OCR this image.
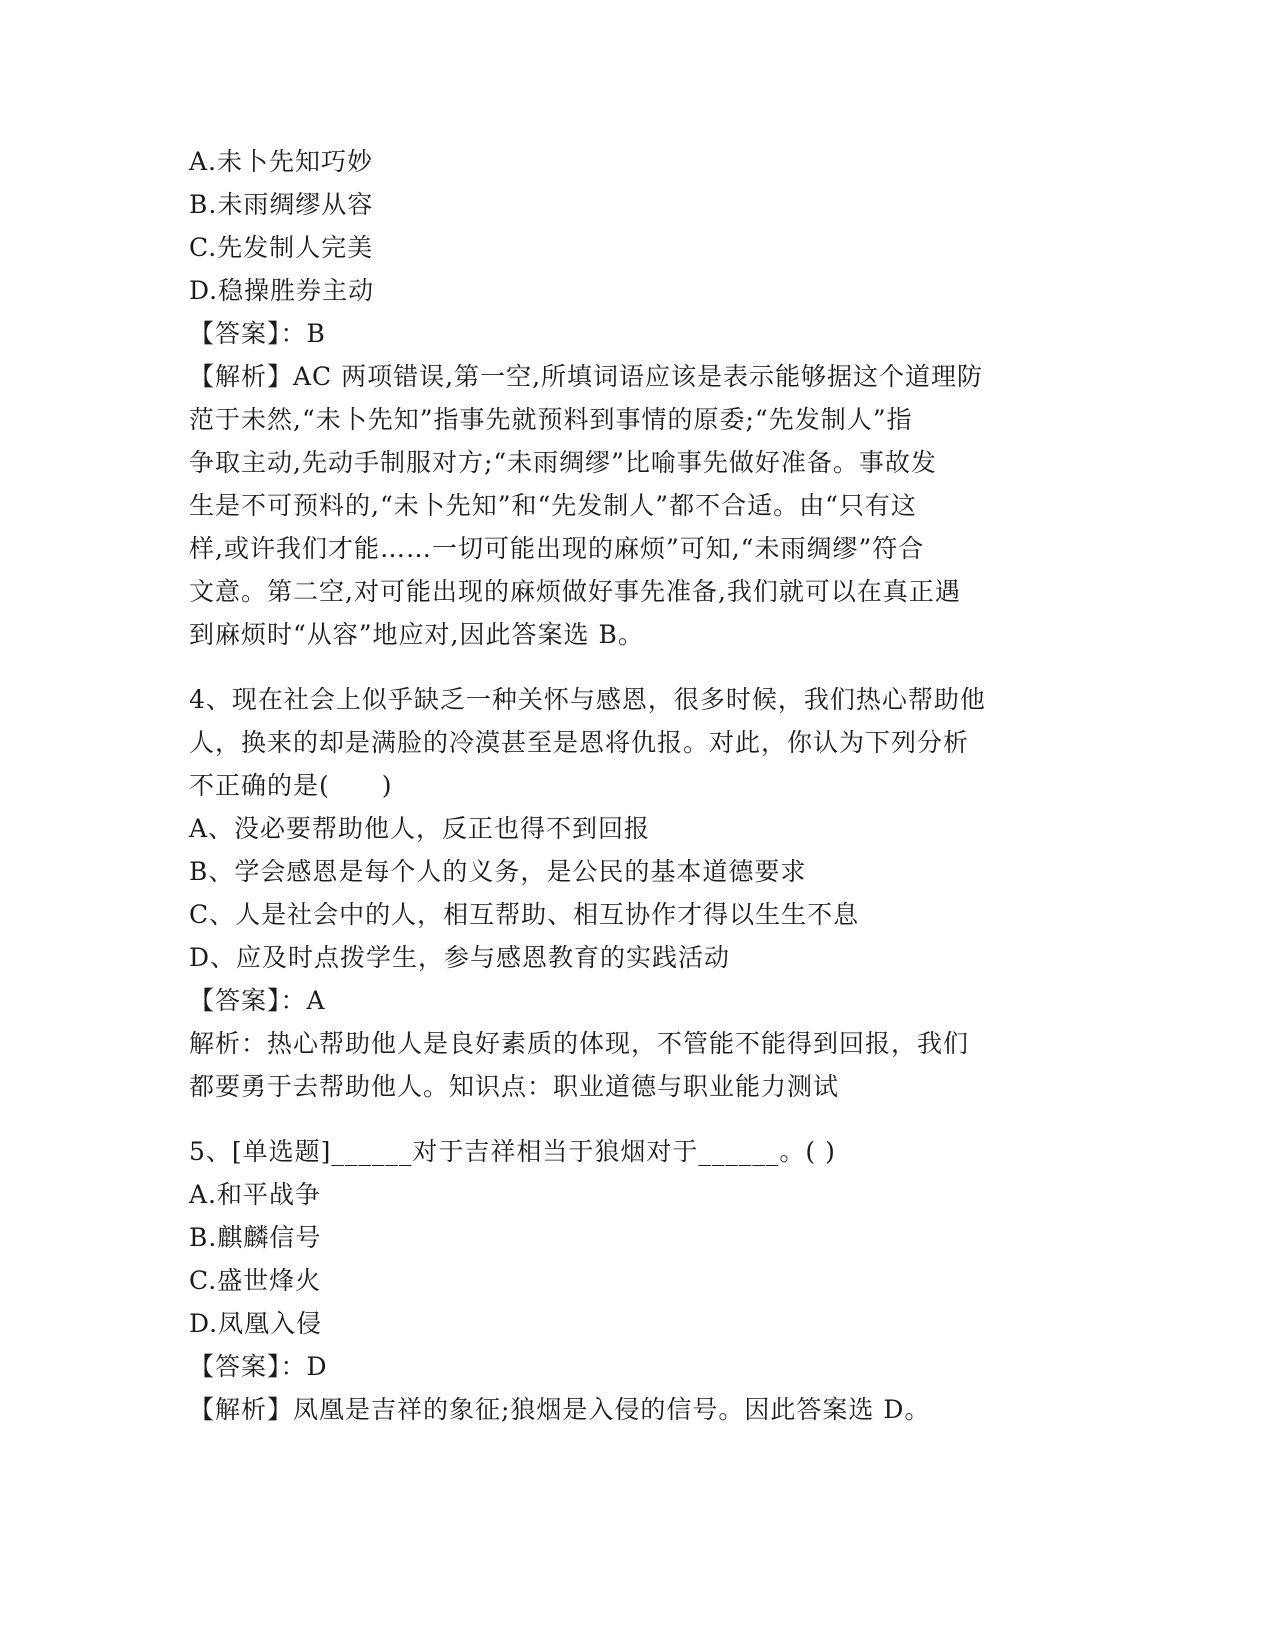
A.未卜先知巧妙
B.未雨绸缪从容
C.先发制人完美
D.稳操胜券主动
【答案】：B
【解析】AC 两项错误,第一空,所填词语应该是表示能够据这个道理防
范于未然,“未卜先知”指事先就预料到事情的原委;“先发制人”指
争取主动,先动手制服对方;“未雨绸缪”比喻事先做好准备。事故发
生是不可预料的,“未卜先知”和“先发制人”都不合适。由“只有这
样,或许我们才能……一切可能出现的麻烦”可知,“未雨绸缪”符合
文意。第二空,对可能出现的麻烦做好事先准备,我们就可以在真正遇
到麻烦时“从容”地应对,因此答案选 B。
4、现在社会上似乎缺乏一种关怀与感恩，很多时候，我们热心帮助他
人，换来的却是满脸的冷漠甚至是恩将仇报。对此，你认为下列分析
不正确的是(　　)
A、没必要帮助他人，反正也得不到回报
B、学会感恩是每个人的义务，是公民的基本道德要求
C、人是社会中的人，相互帮助、相互协作才得以生生不息
D、应及时点拨学生，参与感恩教育的实践活动
【答案】：A
解析：热心帮助他人是良好素质的体现，不管能不能得到回报，我们
都要勇于去帮助他人。知识点：职业道德与职业能力测试
5、[单选题]______对于吉祥相当于狼烟对于______。( )
A.和平战争
B.麒麟信号
C.盛世烽火
D.凤凰入侵
【答案】：D
【解析】凤凰是吉祥的象征;狼烟是入侵的信号。因此答案选 D。
